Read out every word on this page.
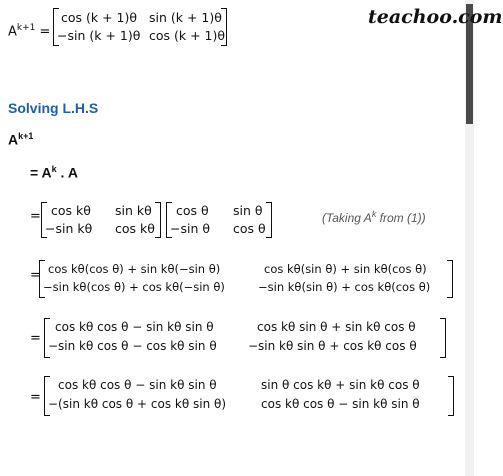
teachoo.com
$A^{k+1}$ =
cos (k + 1)θ sin (k + 1)θ
−sin (k + 1)θ cos (k + 1)θ
Solving L.H.S
$A^{k+1}$
= $A^k$ . A
= cos kθ sin kθ
−sin kθ cos kθ
cos θ sin θ
−sin θ cos θ
(Taking $A^k$ from (1))
= cos kθ(cos θ) + sin kθ(−sin θ)	cos kθ(sin θ) + sin kθ(cos θ)
−sin kθ(cos θ) + cos kθ(−sin θ)	−sin kθ(sin θ) + cos kθ(cos θ)
=
cos kθ cos θ − sin kθ sin θ	cos kθ sin θ + sin kθ cos θ
−sin kθ cos θ − cos kθ sin θ	−sin kθ sin θ + cos kθ cos θ
=
cos kθ cos θ − sin kθ sin θ	sin θ cos kθ + sin kθ cos θ
−(sin kθ cos θ + cos kθ sin θ)	cos kθ cos θ − sin kθ sin θ
